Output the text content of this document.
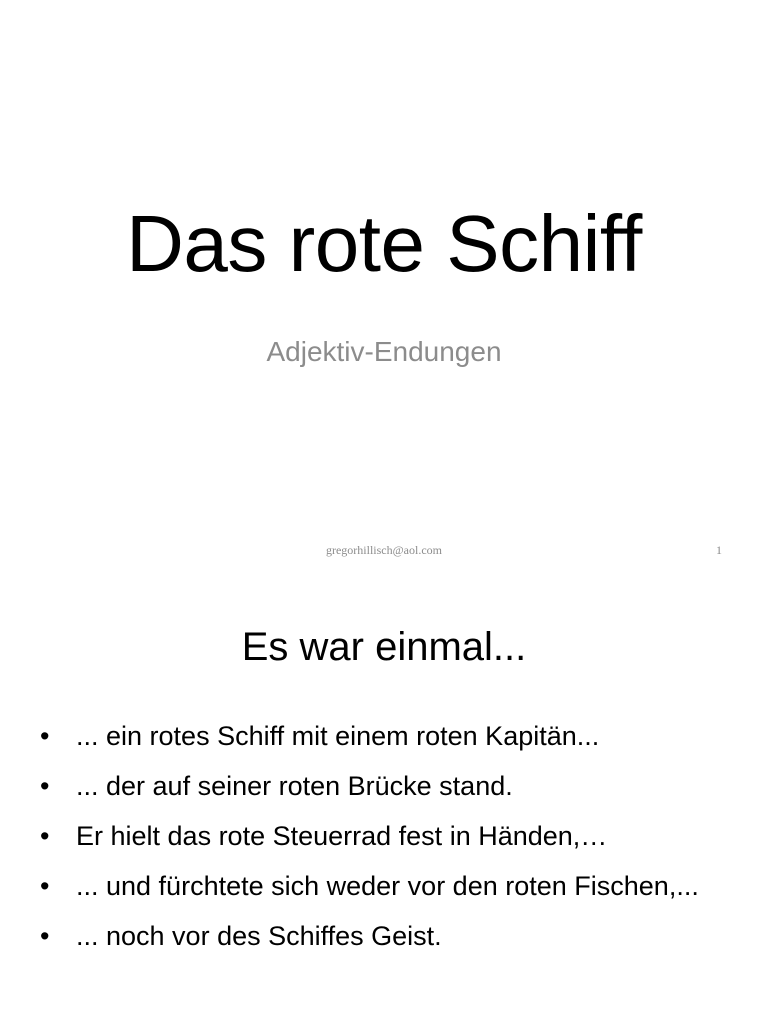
Das rote Schiff
Adjektiv-Endungen
gregorhillisch@aol.com	1
Es war einmal...
• ... ein rotes Schiff mit einem roten Kapitän...
• ... der auf seiner roten Brücke stand.
• Er hielt das rote Steuerrad fest in Händen,…
• ... und fürchtete sich weder vor den roten Fischen,...
• ... noch vor des Schiffes Geist.
